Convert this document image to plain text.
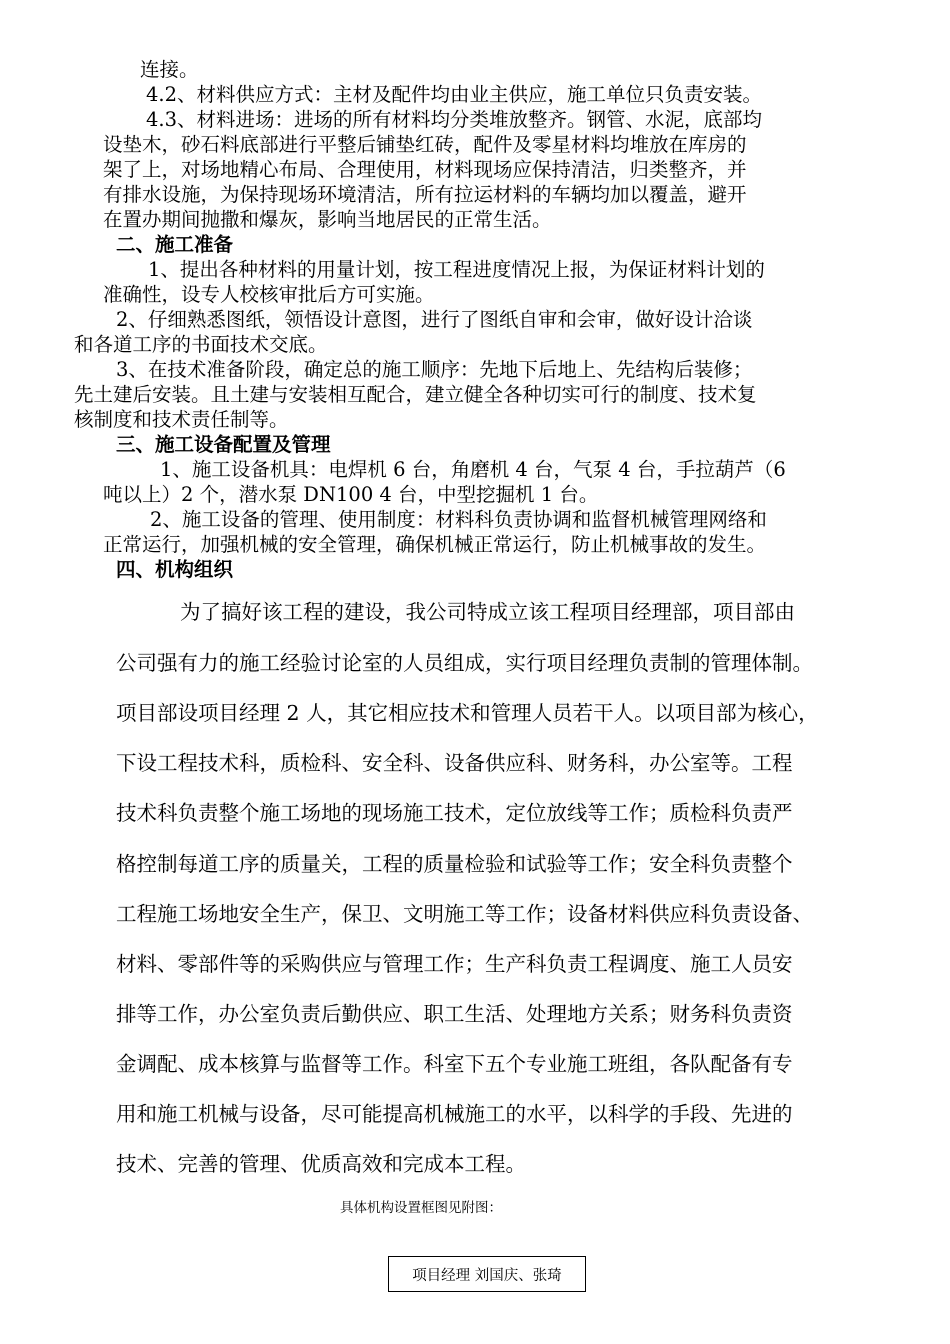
连接。
4.2、材料供应方式：主材及配件均由业主供应，施工单位只负责安装。
4.3、材料进场：进场的所有材料均分类堆放整齐。钢管、水泥，底部均
设垫木，砂石料底部进行平整后铺垫红砖，配件及零星材料均堆放在库房的
架了上，对场地精心布局、合理使用，材料现场应保持清洁，归类整齐，并
有排水设施，为保持现场环境清洁，所有拉运材料的车辆均加以覆盖，避开
在置办期间抛撒和爆灰，影响当地居民的正常生活。
二、施工准备
1、提出各种材料的用量计划，按工程进度情况上报，为保证材料计划的
准确性，设专人校核审批后方可实施。
2、仔细熟悉图纸，领悟设计意图，进行了图纸自审和会审，做好设计洽谈
和各道工序的书面技术交底。
3、在技术准备阶段，确定总的施工顺序：先地下后地上、先结构后装修；
先土建后安装。且土建与安装相互配合，建立健全各种切实可行的制度、技术复
核制度和技术责任制等。
三、施工设备配置及管理
1、施工设备机具：电焊机 6 台，角磨机 4 台，气泵 4 台，手拉葫芦（6
吨以上）2 个，潜水泵 DN100 4 台，中型挖掘机 1 台。
2、施工设备的管理、使用制度：材料科负责协调和监督机械管理网络和
正常运行，加强机械的安全管理，确保机械正常运行，防止机械事故的发生。
四、机构组织
为了搞好该工程的建设，我公司特成立该工程项目经理部，项目部由
公司强有力的施工经验讨论室的人员组成，实行项目经理负责制的管理体制。
项目部设项目经理 2 人，其它相应技术和管理人员若干人。以项目部为核心，
下设工程技术科，质检科、安全科、设备供应科、财务科，办公室等。工程
技术科负责整个施工场地的现场施工技术，定位放线等工作；质检科负责严
格控制每道工序的质量关，工程的质量检验和试验等工作；安全科负责整个
工程施工场地安全生产，保卫、文明施工等工作；设备材料供应科负责设备、
材料、零部件等的采购供应与管理工作；生产科负责工程调度、施工人员安
排等工作，办公室负责后勤供应、职工生活、处理地方关系；财务科负责资
金调配、成本核算与监督等工作。科室下五个专业施工班组，各队配备有专
用和施工机械与设备，尽可能提高机械施工的水平，以科学的手段、先进的
技术、完善的管理、优质高效和完成本工程。
具体机构设置框图见附图：
项目经理 刘国庆、张琦
